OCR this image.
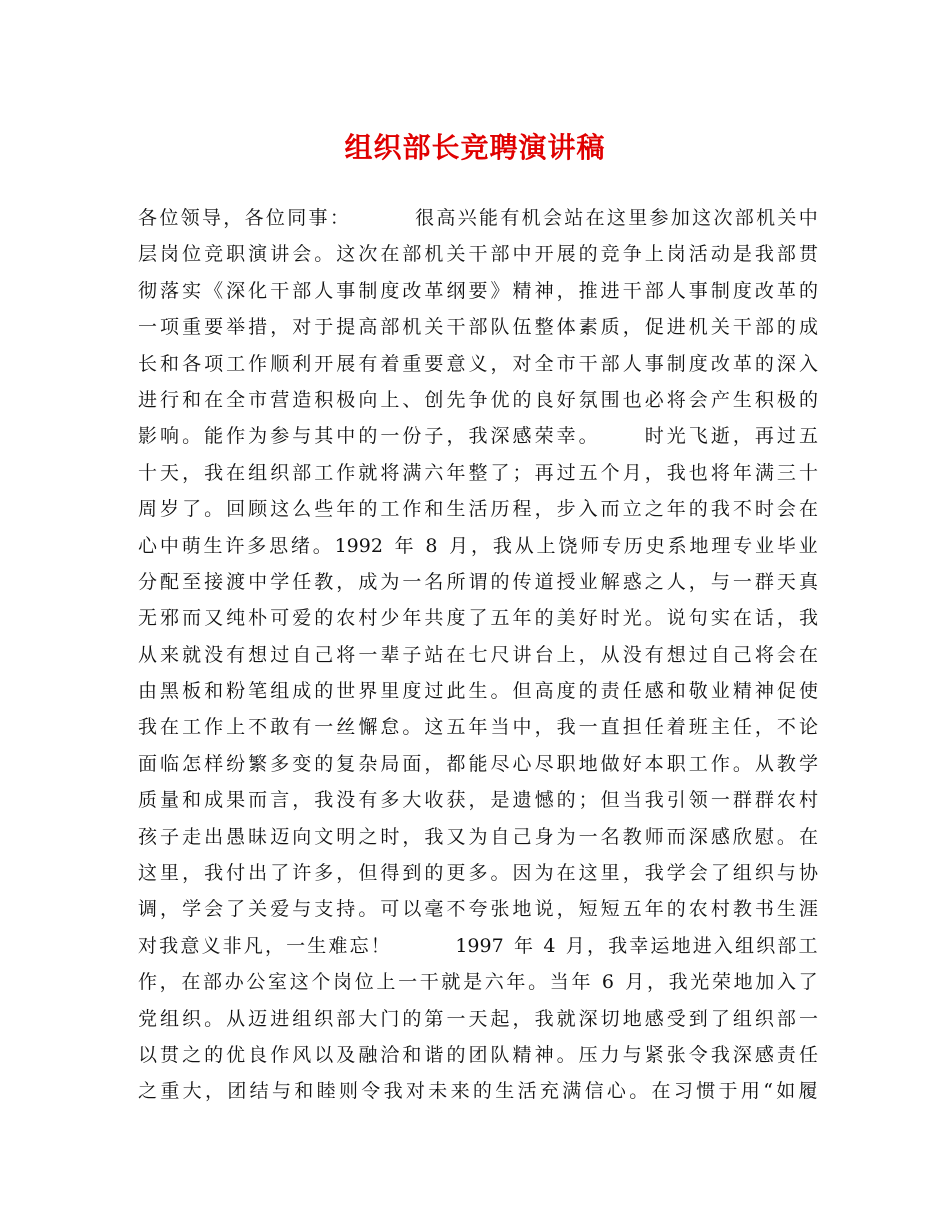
组织部长竞聘演讲稿
各 位 领 导 ， 各 位 同 事 ：

　	很 高 兴 能 有 机 会 站 在 这 里 参 加 这 次 部 机 关 中
层 岗 位 竞 职 演 讲 会 。 这 次 在 部 机 关 干 部 中 开 展 的 竞 争 上 岗 活 动 是 我 部 贯
彻 落 实 《 深 化 干 部 人 事 制 度 改 革 纲 要 》 精 神 ， 推 进 干 部 人 事 制 度 改 革 的
一 项 重 要 举 措 ， 对 于 提 高 部 机 关 干 部 队 伍 整 体 素 质 ， 促 进 机 关 干 部 的 成
长 和 各 项 工 作 顺 利 开 展 有 着 重 要 意 义 ， 对 全 市 干 部 人 事 制 度 改 革 的 深 入
进 行 和 在 全 市 营 造 积 极 向 上 、 创 先 争 优 的 良 好 氛 围 也 必 将 会 产 生 积 极 的
影 响 。 能 作 为 参 与 其 中 的 一 份 子 ， 我 深 感 荣 幸 。

　 时 光 飞 逝 ， 再 过 五
十 天 ， 我 在 组 织 部 工 作 就 将 满 六 年 整 了 ； 再 过 五 个 月 ， 我 也 将 年 满 三 十
周 岁 了 。 回 顾 这 么 些 年 的 工 作 和 生 活 历 程 ， 步 入 而 立 之 年 的 我 不 时 会 在
心 中 萌 生 许 多 思 绪 。 1992
年
8
月 ， 我 从 上 饶 师 专 历 史 系 地 理 专 业 毕 业
分 配 至 接 渡 中 学 任 教 ， 成 为 一 名 所 谓 的 传 道 授 业 解 惑 之 人 ， 与 一 群 天 真
无 邪 而 又 纯 朴 可 爱 的 农 村 少 年 共 度 了 五 年 的 美 好 时 光 。 说 句 实 在 话 ， 我
从 来 就 没 有 想 过 自 己 将 一 辈 子 站 在 七 尺 讲 台 上 ， 从 没 有 想 过 自 己 将 会 在
由 黑 板 和 粉 笔 组 成 的 世 界 里 度 过 此 生 。 但 高 度 的 责 任 感 和 敬 业 精 神 促 使
我 在 工 作 上 不 敢 有 一 丝 懈 怠 。 这 五 年 当 中 ， 我 一 直 担 任 着 班 主 任 ， 不 论
面 临 怎 样 纷 繁 多 变 的 复 杂 局 面 ， 都 能 尽 心 尽 职 地 做 好 本 职 工 作 。 从 教 学
质 量 和 成 果 而 言 ， 我 没 有 多 大 收 获 ， 是 遗 憾 的 ； 但 当 我 引 领 一 群 群 农 村
孩 子 走 出 愚 昧 迈 向 文 明 之 时 ， 我 又 为 自 己 身 为 一 名 教 师 而 深 感 欣 慰 。 在
这 里 ， 我 付 出 了 许 多 ， 但 得 到 的 更 多 。 因 为 在 这 里 ， 我 学 会 了 组 织 与 协
调 ， 学 会 了 关 爱 与 支 持 。 可 以 毫 不 夸 张 地 说 ， 短 短 五 年 的 农 村 教 书 生 涯
对 我 意 义 非 凡 ， 一 生 难 忘 ！

　	1997
年
4
月 ， 我 幸 运 地 进 入 组 织 部 工
作 ， 在 部 办 公 室 这 个 岗 位 上 一 干 就 是 六 年 。 当 年
6
月 ， 我 光 荣 地 加 入 了
党 组 织 。 从 迈 进 组 织 部 大 门 的 第 一 天 起 ， 我 就 深 切 地 感 受 到 了 组 织 部 一
以 贯 之 的 优 良 作 风 以 及 融 洽 和 谐 的 团 队 精 神 。 压 力 与 紧 张 令 我 深 感 责 任
之 重 大 ， 团 结 与 和 睦 则 令 我 对 未 来 的 生 活 充 满 信 心 。 在 习 惯 于 用 “ 如 履
